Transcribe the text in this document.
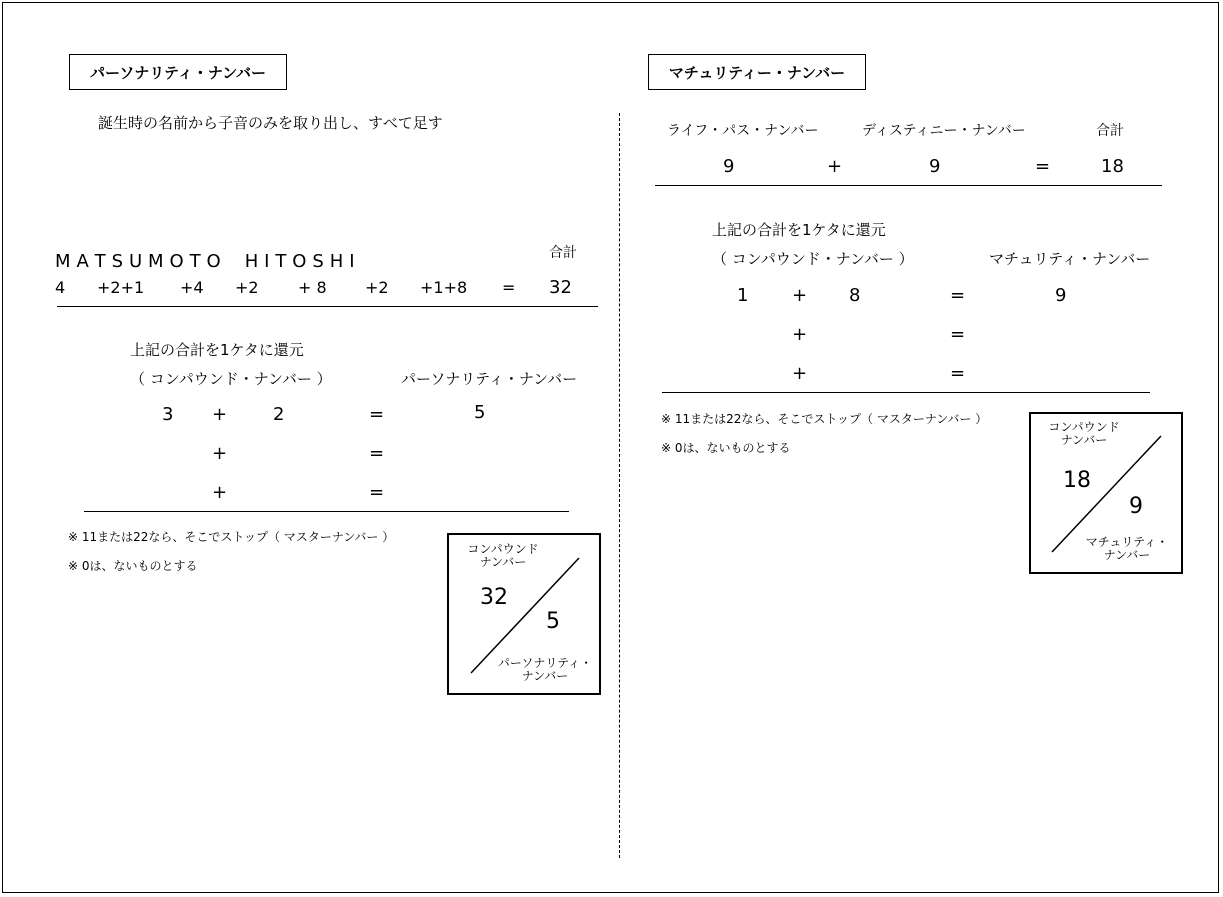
パーソナリティ・ナンバー
誕生時の名前から子音のみを取り出し、すべて足す
合計
M A T S U M O T O　 H I T O S H I
4 +2+1 +4 +2 + 8 +2 +1+8 = 32
上記の合計を1ケタに還元
（ コンパウンド・ナンバー ）	パーソナリティ・ナンバー
3 +	2	=	5
+	=
+	=
※ 11または22なら、そこでストップ（ マスターナンバー ）
※ 0は、ないものとする
コンパウンド
ナンバー
32
5
パーソナリティ・
ナンバー
マチュリティー・ナンバー
ライフ・パス・ナンバー	ディスティニー・ナンバー	合計
9	+	9	=	18
上記の合計を1ケタに還元
（ コンパウンド・ナンバー ）	マチュリティ・ナンバー
1 + 8	=	9
+	=
+	=
※ 11または22なら、そこでストップ（ マスターナンバー ）
※ 0は、ないものとする
コンパウンド
ナンバー
18
9
マチュリティ・
ナンバー
